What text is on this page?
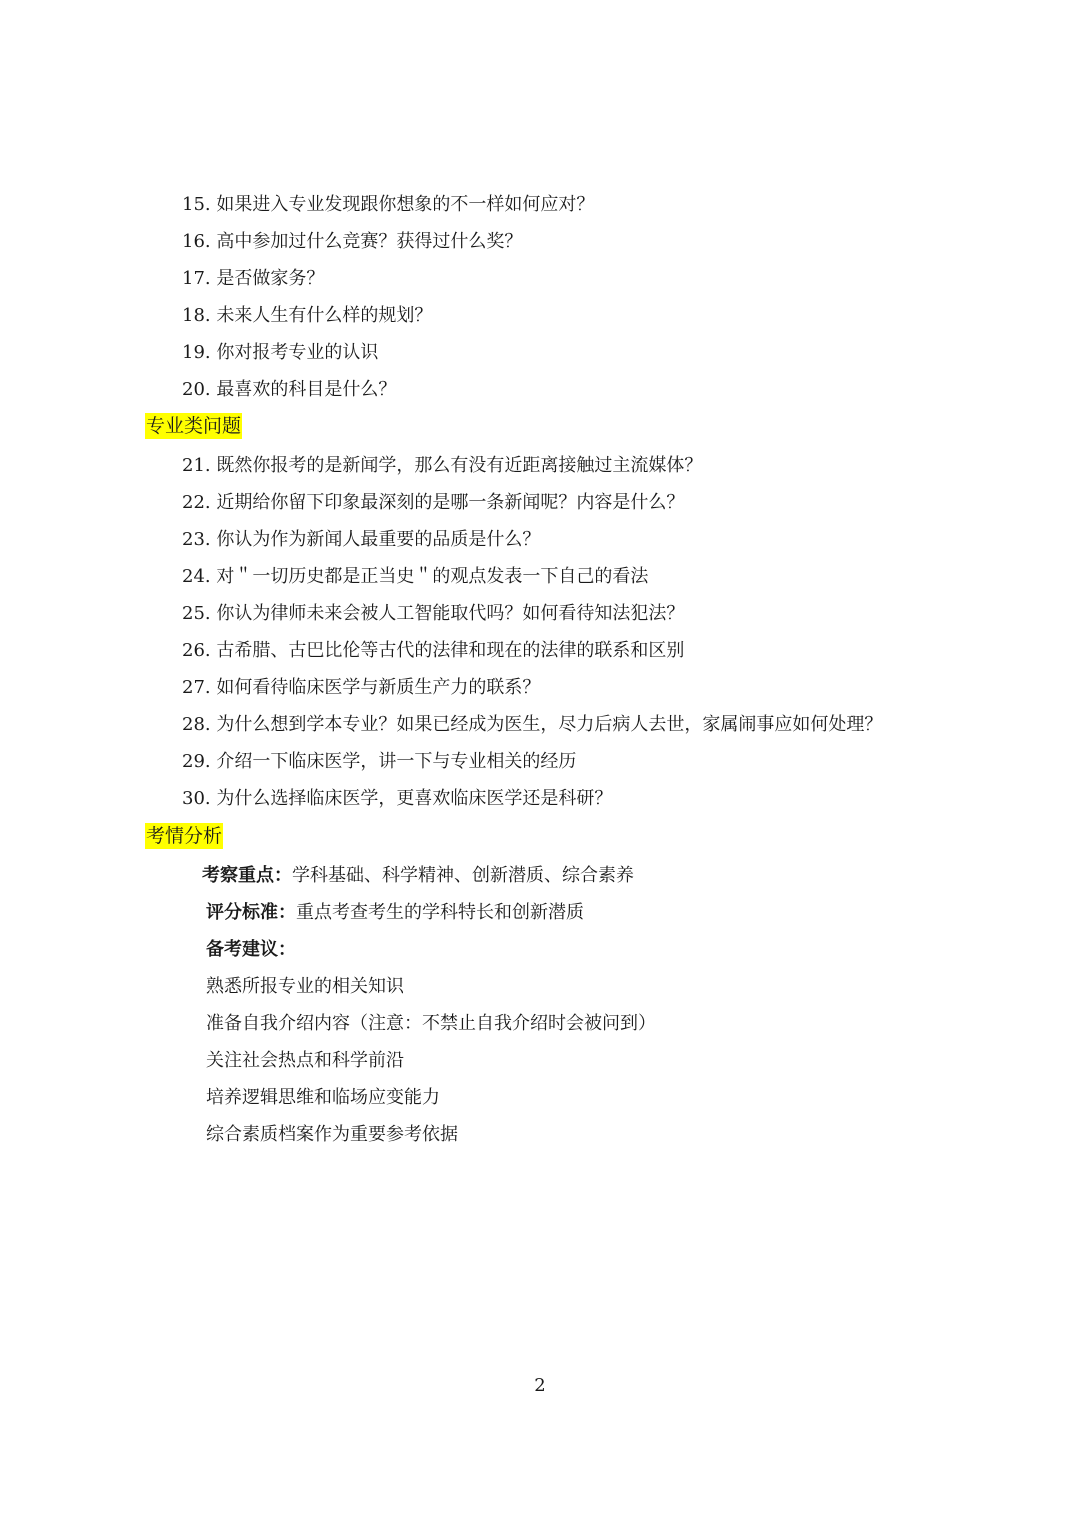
15. 如果进入专业发现跟你想象的不一样如何应对？
16. 高中参加过什么竞赛？获得过什么奖？
17. 是否做家务？
18. 未来人生有什么样的规划？
19. 你对报考专业的认识
20. 最喜欢的科目是什么？
专业类问题
21. 既然你报考的是新闻学，那么有没有近距离接触过主流媒体？
22. 近期给你留下印象最深刻的是哪一条新闻呢？内容是什么？
23. 你认为作为新闻人最重要的品质是什么？
24. 对＂一切历史都是正当史＂的观点发表一下自己的看法
25. 你认为律师未来会被人工智能取代吗？如何看待知法犯法？
26. 古希腊、古巴比伦等古代的法律和现在的法律的联系和区别
27. 如何看待临床医学与新质生产力的联系？
28. 为什么想到学本专业？如果已经成为医生，尽力后病人去世，家属闹事应如何处理？
29. 介绍一下临床医学，讲一下与专业相关的经历
30. 为什么选择临床医学，更喜欢临床医学还是科研？
考情分析
考察重点：学科基础、科学精神、创新潜质、综合素养
评分标准：重点考查考生的学科特长和创新潜质
备考建议：
熟悉所报专业的相关知识
准备自我介绍内容（注意：不禁止自我介绍时会被问到）
关注社会热点和科学前沿
培养逻辑思维和临场应变能力
综合素质档案作为重要参考依据
2
